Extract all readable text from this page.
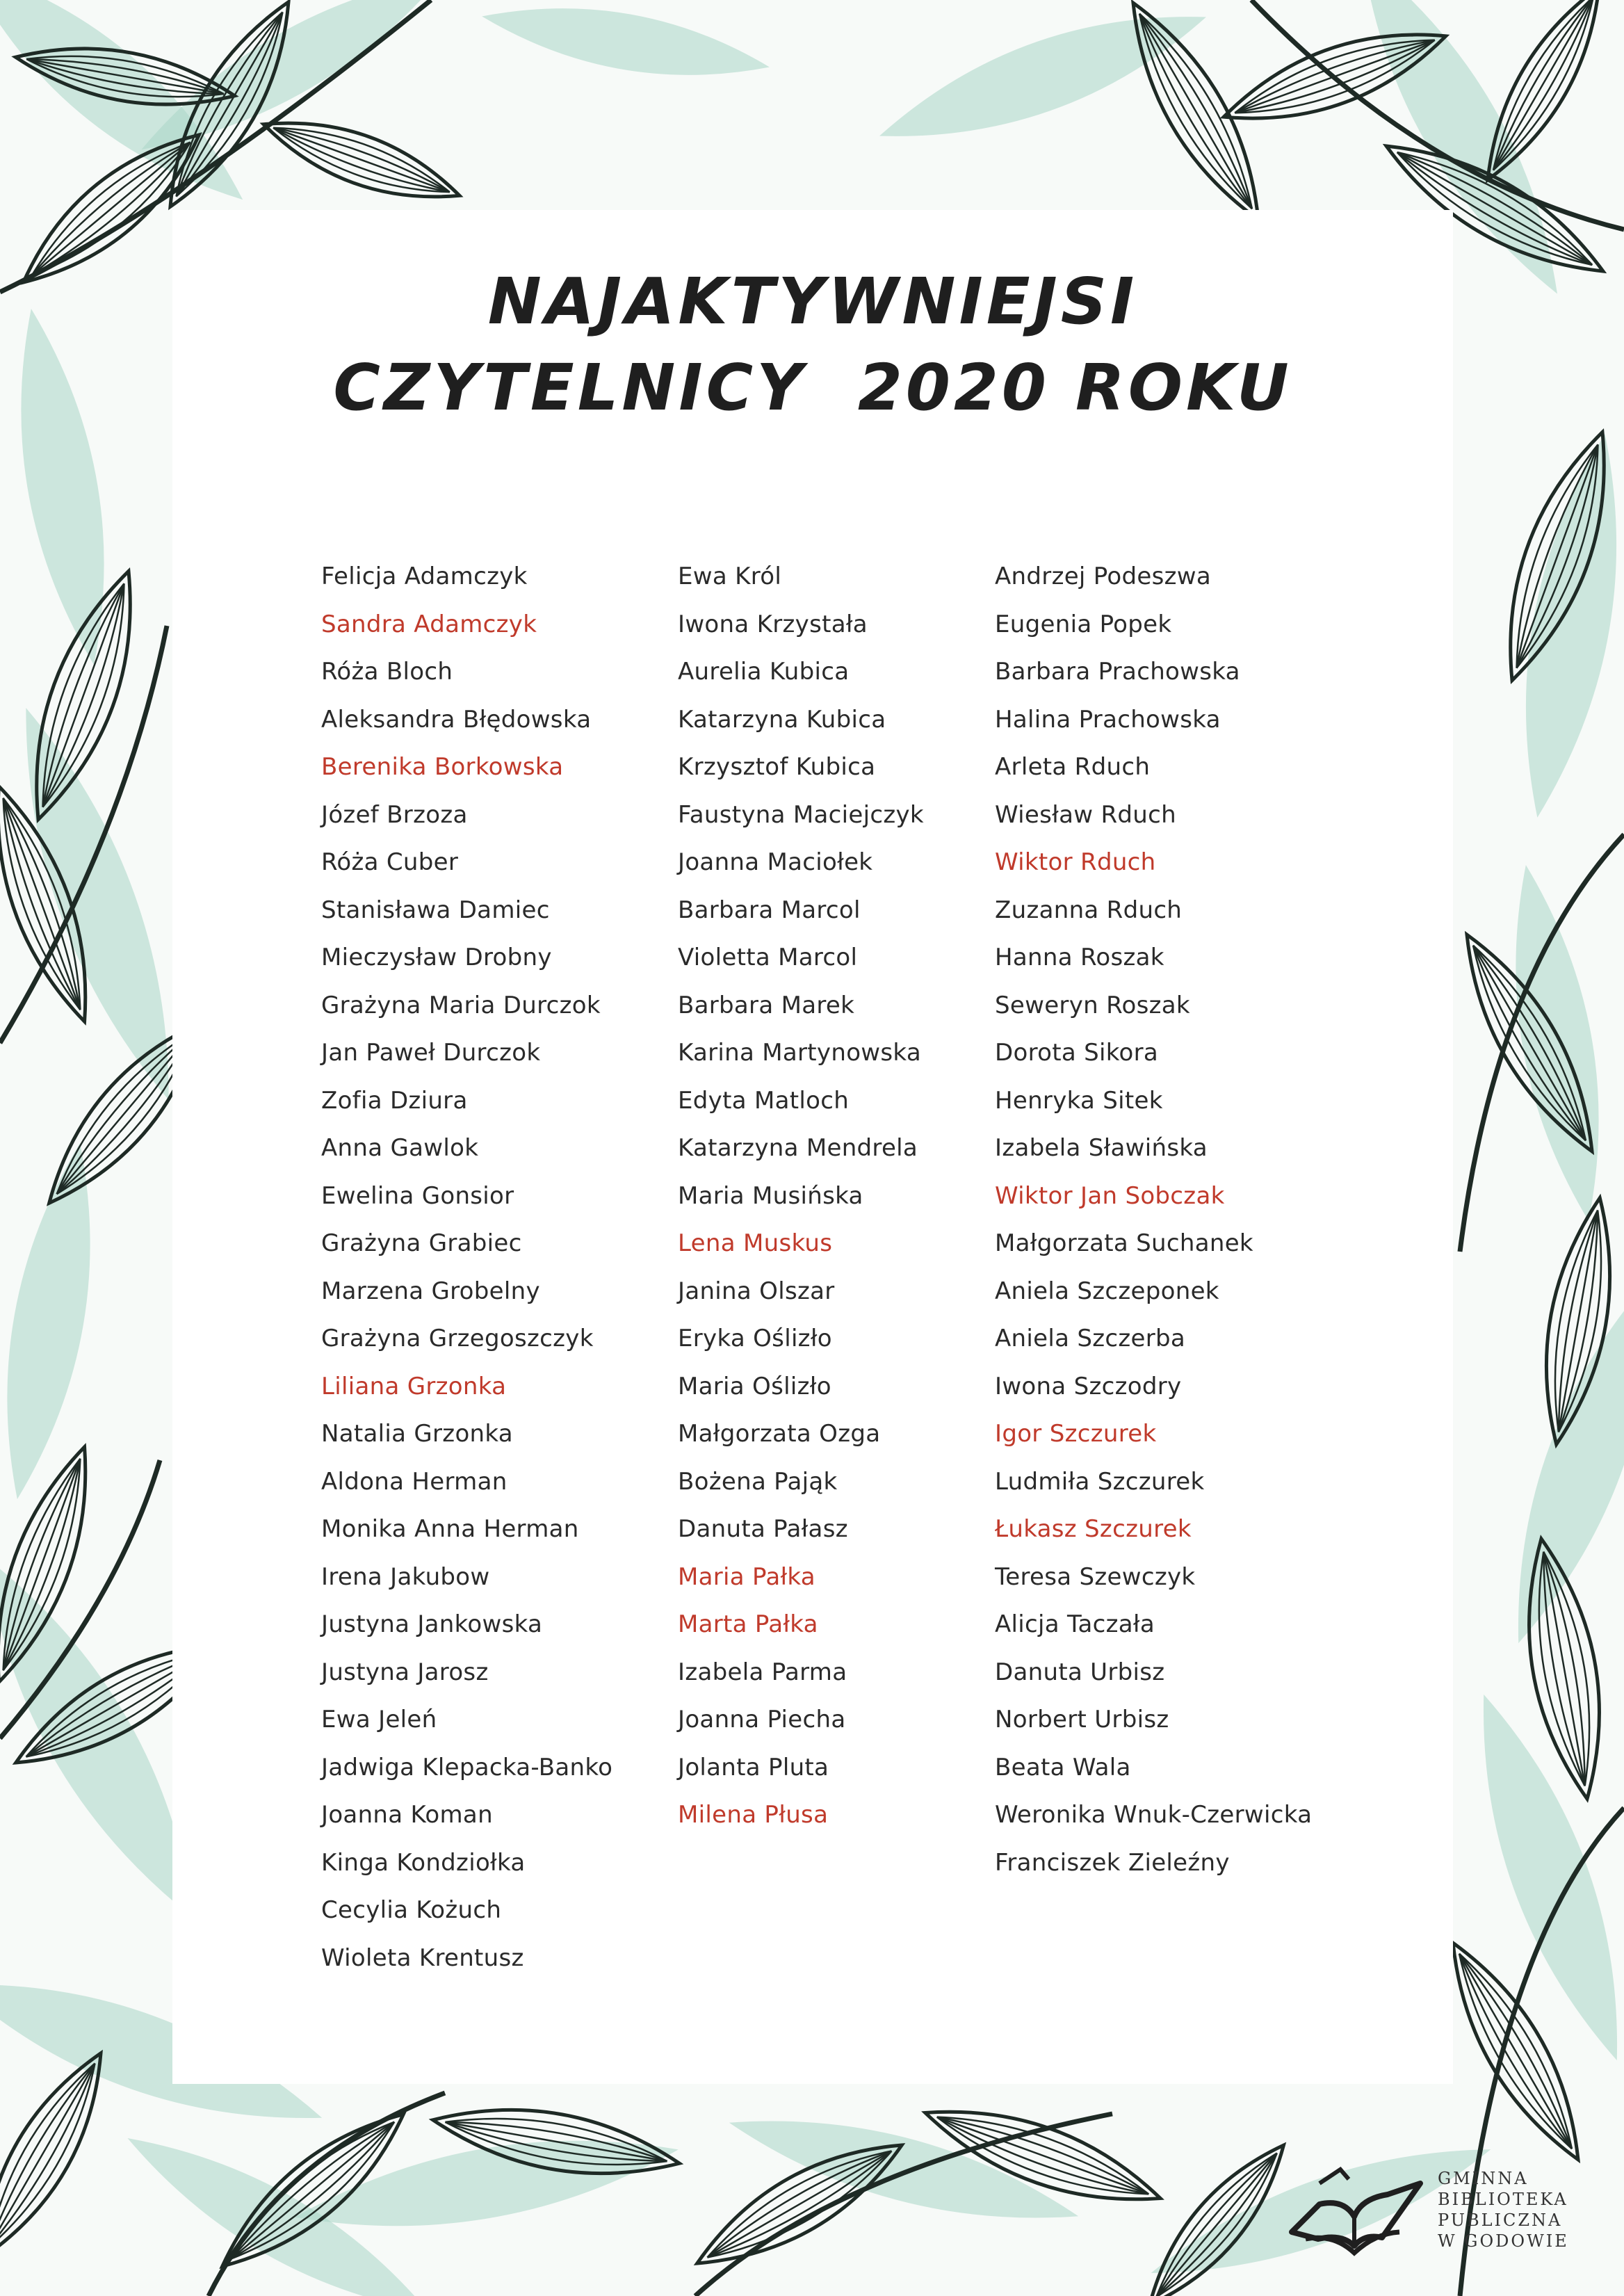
NAJAKTYWNIEJSI
CZYTELNICY  2020 ROKU
Felicja Adamczyk
Sandra Adamczyk
Róża Bloch
Aleksandra Błędowska
Berenika Borkowska
Józef Brzoza
Róża Cuber
Stanisława Damiec
Mieczysław Drobny
Grażyna Maria Durczok
Jan Paweł Durczok
Zofia Dziura
Anna Gawlok
Ewelina Gonsior
Grażyna Grabiec
Marzena Grobelny
Grażyna Grzegoszczyk
Liliana Grzonka
Natalia Grzonka
Aldona Herman
Monika Anna Herman
Irena Jakubow
Justyna Jankowska
Justyna Jarosz
Ewa Jeleń
Jadwiga Klepacka-Banko
Joanna Koman
Kinga Kondziołka
Cecylia Kożuch
Wioleta Krentusz
Ewa Król
Iwona Krzystała
Aurelia Kubica
Katarzyna Kubica
Krzysztof Kubica
Faustyna Maciejczyk
Joanna Maciołek
Barbara Marcol
Violetta Marcol
Barbara Marek
Karina Martynowska
Edyta Matloch
Katarzyna Mendrela
Maria Musińska
Lena Muskus
Janina Olszar
Eryka Oślizło
Maria Oślizło
Małgorzata Ozga
Bożena Pająk
Danuta Pałasz
Maria Pałka
Marta Pałka
Izabela Parma
Joanna Piecha
Jolanta Pluta
Milena Płusa
Andrzej Podeszwa
Eugenia Popek
Barbara Prachowska
Halina Prachowska
Arleta Rduch
Wiesław Rduch
Wiktor Rduch
Zuzanna Rduch
Hanna Roszak
Seweryn Roszak
Dorota Sikora
Henryka Sitek
Izabela Sławińska
Wiktor Jan Sobczak
Małgorzata Suchanek
Aniela Szczeponek
Aniela Szczerba
Iwona Szczodry
Igor Szczurek
Ludmiła Szczurek
Łukasz Szczurek
Teresa Szewczyk
Alicja Taczała
Danuta Urbisz
Norbert Urbisz
Beata Wala
Weronika Wnuk-Czerwicka
Franciszek Zieleźny
GMINNA
BIBLIOTEKA
PUBLICZNA
W GODOWIE
